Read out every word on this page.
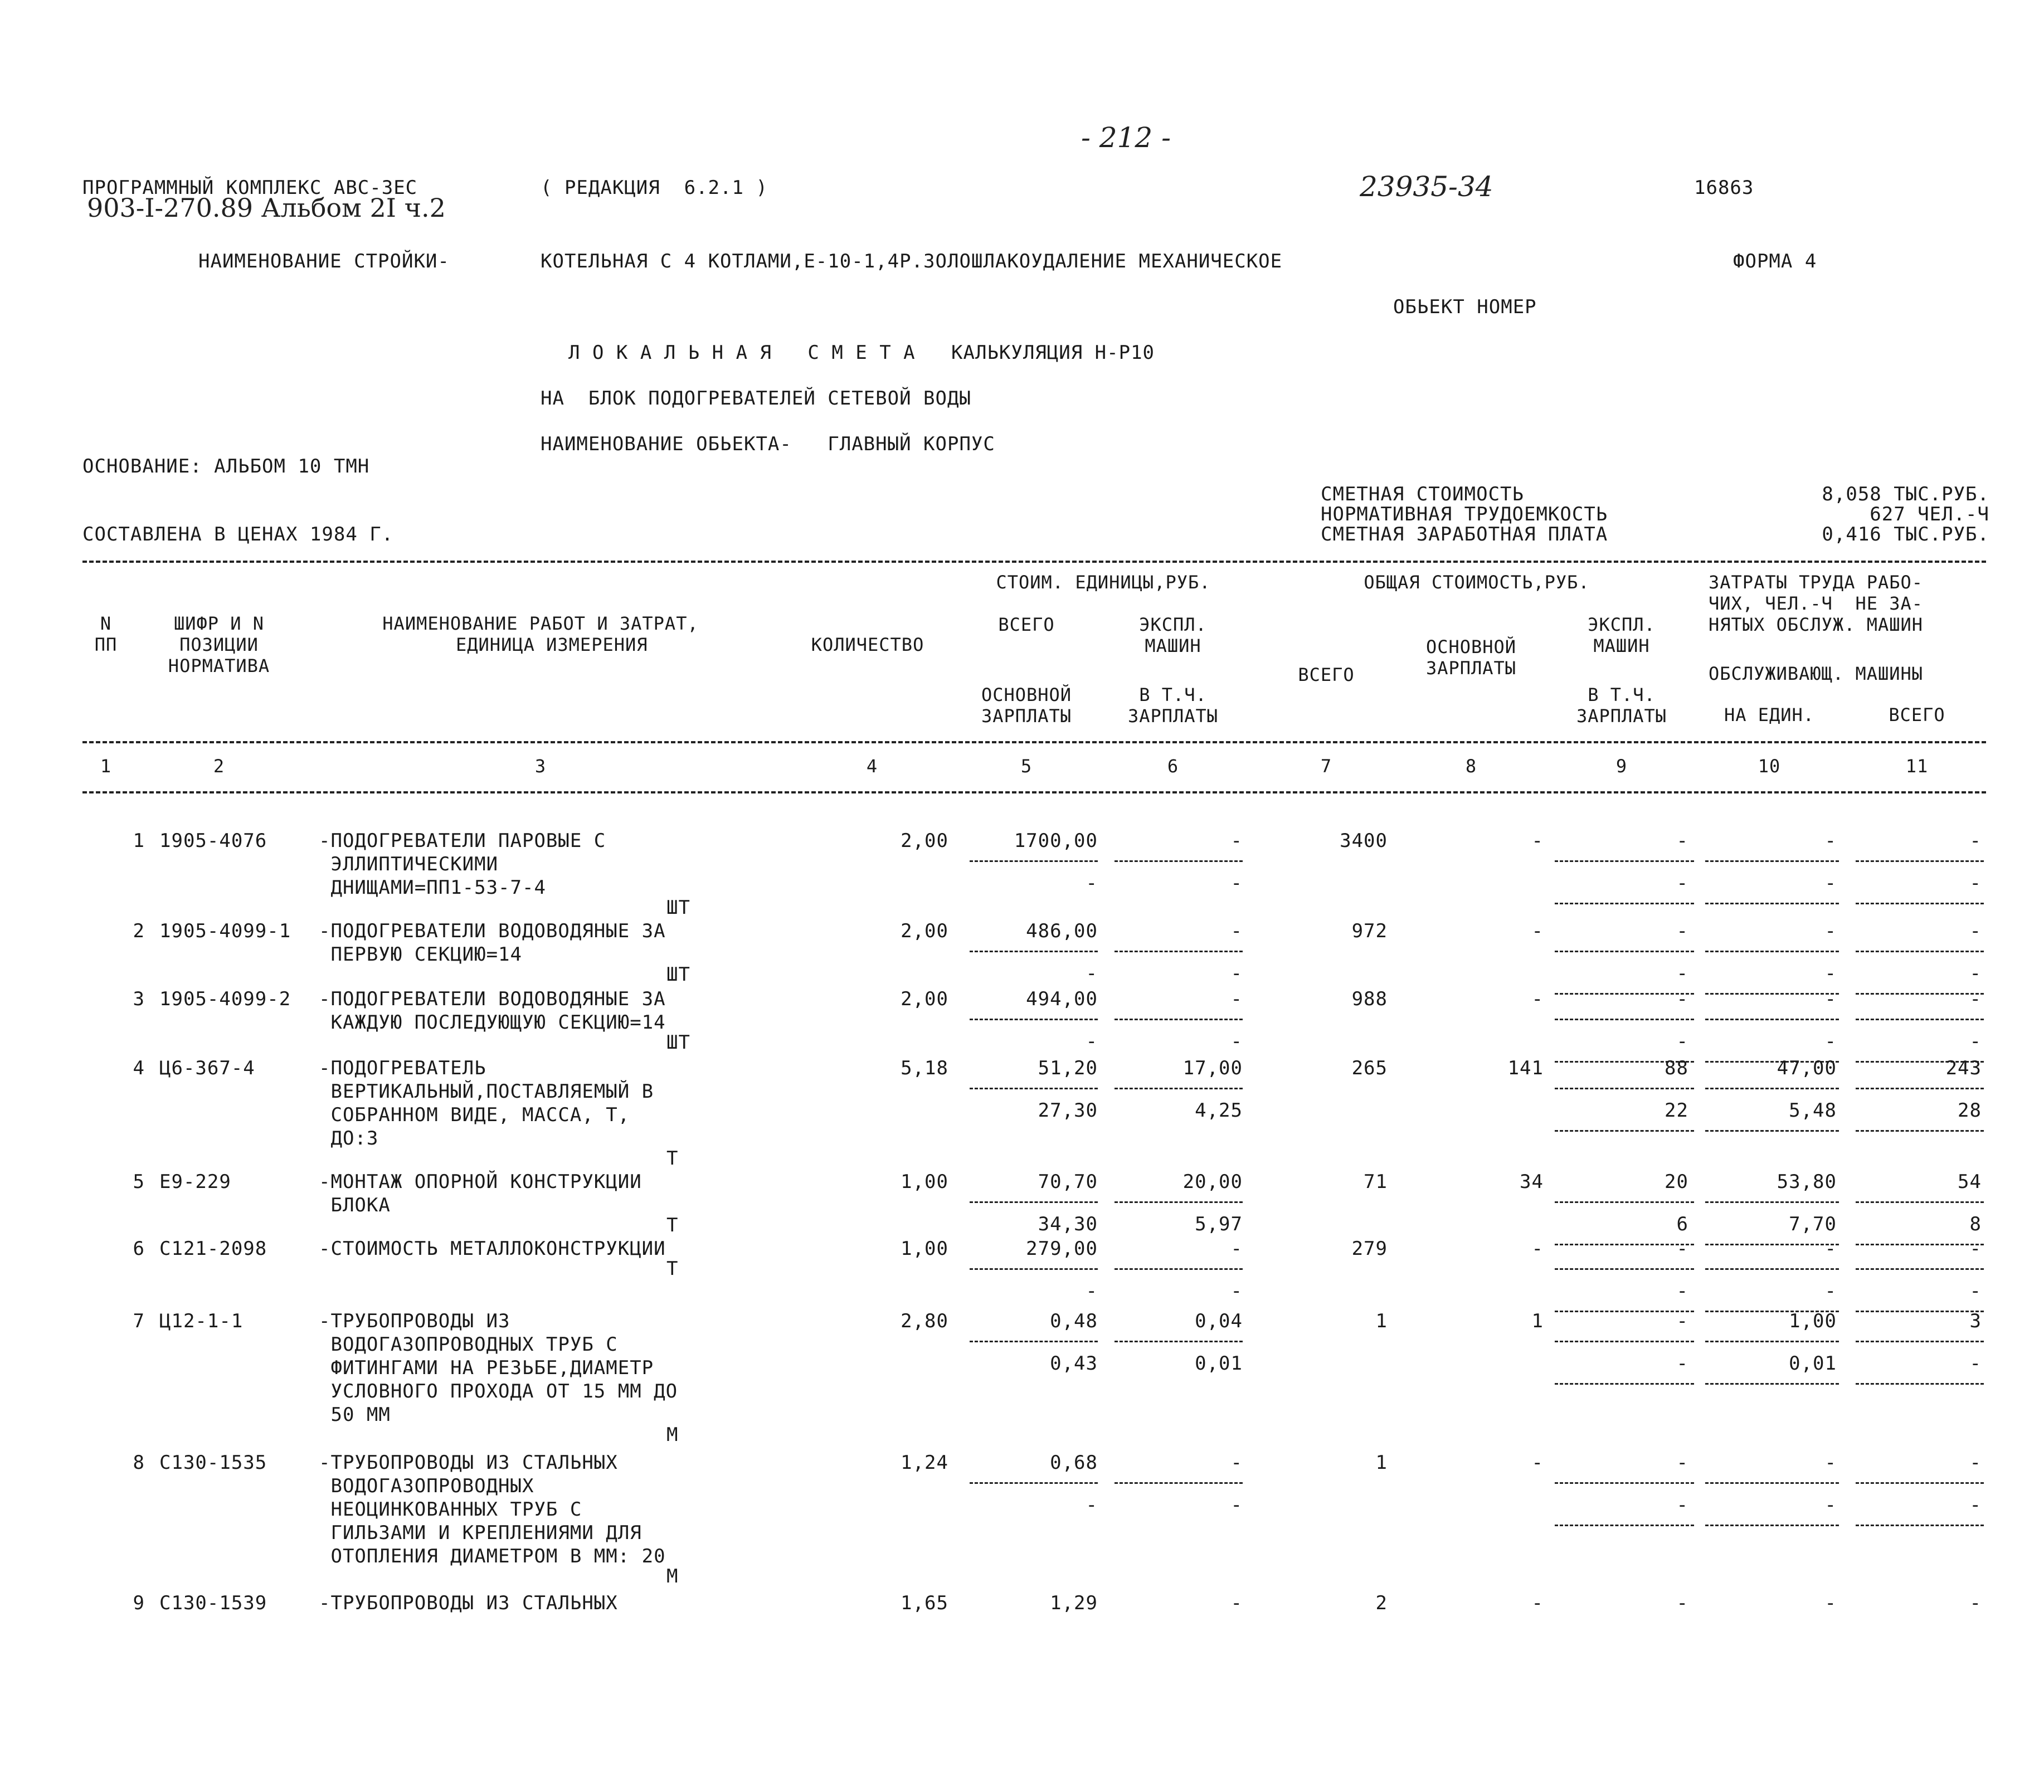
- 212 -
ПРОГРАММНЫЙ КОМПЛЕКС АВС-ЗЕС	( РЕДАКЦИЯ  6.2.1 )	23935-34	16863
903-I-270.89 Альбом 2I ч.2
НАИМЕНОВАНИЕ СТРОЙКИ-	КОТЕЛЬНАЯ С 4 КОТЛАМИ,Е-10-1,4Р.ЗОЛОШЛАКОУДАЛЕНИЕ МЕХАНИЧЕСКОЕ	ФОРМА 4
ОБЬЕКТ НОМЕР
Л О К А Л Ь Н А Я   С М Е Т А   КАЛЬКУЛЯЦИЯ Н-Р10
НА  БЛОК ПОДОГРЕВАТЕЛЕЙ СЕТЕВОЙ ВОДЫ
НАИМЕНОВАНИЕ ОБЬЕКТА-   ГЛАВНЫЙ КОРПУС
ОСНОВАНИЕ: АЛЬБОМ 10 ТМН
СМЕТНАЯ СТОИМОСТЬ	8,058 ТЫС.РУБ.
НОРМАТИВНАЯ ТРУДОЕМКОСТЬ	627 ЧЕЛ.-Ч
СОСТАВЛЕНА В ЦЕНАХ 1984 Г.	СМЕТНАЯ ЗАРАБОТНАЯ ПЛАТА	0,416 ТЫС.РУБ.
N
ПП
ШИФР И N
ПОЗИЦИИ
НОРМАТИВА
НАИМЕНОВАНИЕ РАБОТ И ЗАТРАТ,
ЕДИНИЦА ИЗМЕРЕНИЯ	КОЛИЧЕСТВО
СТОИМ. ЕДИНИЦЫ,РУБ.
ВСЕГО	ЭКСПЛ.
МАШИН
ОСНОВНОЙ
ЗАРПЛАТЫ
В Т.Ч.
ЗАРПЛАТЫ
ОБЩАЯ СТОИМОСТЬ,РУБ.
ВСЕГО
ОСНОВНОЙ
ЗАРПЛАТЫ
ЭКСПЛ.
МАШИН
В Т.Ч.
ЗАРПЛАТЫ
ЗАТРАТЫ ТРУДА РАБО-
ЧИХ, ЧЕЛ.-Ч  НЕ ЗА-
НЯТЫХ ОБСЛУЖ. МАШИН
ОБСЛУЖИВАЮЩ. МАШИНЫ
НА ЕДИН.	ВСЕГО
1	2	3	4	5	6	7	8	9	10	11
1 1905-4076	-ПОДОГРЕВАТЕЛИ ПАРОВЫЕ С
ЭЛЛИПТИЧЕСКИМИ
ДНИЩАМИ=ПП1-53-7-4
ШТ
2,00	1700,00	-	3400	-	-	-	-
-	-	-	-	-
2 1905-4099-1 -ПОДОГРЕВАТЕЛИ ВОДОВОДЯНЫЕ ЗА
ПЕРВУЮ СЕКЦИЮ=14
ШТ
2,00	486,00	-	972	-	-	-	-
-	-	-	-	-
3 1905-4099-2 -ПОДОГРЕВАТЕЛИ ВОДОВОДЯНЫЕ ЗА
КАЖДУЮ ПОСЛЕДУЮЩУЮ СЕКЦИЮ=14
ШТ
2,00	494,00	-	988	-	-	-	-
-	-	-	-	-
4 Ц6-367-4	-ПОДОГРЕВАТЕЛЬ
ВЕРТИКАЛЬНЫЙ,ПОСТАВЛЯЕМЫЙ В
СОБРАННОМ ВИДЕ, МАССА, Т,
ДО:3
Т
5,18	51,20	17,00	265	141	88	47,00	243
27,30	4,25	22	5,48	28
5 Е9-229	-МОНТАЖ ОПОРНОЙ КОНСТРУКЦИИ
БЛОКА
Т
1,00	70,70	20,00	71	34	20	53,80	54
34,30	5,97	6	7,70	8
6 С121-2098	-СТОИМОСТЬ МЕТАЛЛОКОНСТРУКЦИИ
Т
1,00	279,00	-	279	-	-	-	-
-	-	-	-	-
7 Ц12-1-1	-ТРУБОПРОВОДЫ ИЗ
ВОДОГАЗОПРОВОДНЫХ ТРУБ С
ФИТИНГАМИ НА РЕЗЬБЕ,ДИАМЕТР
УСЛОВНОГО ПРОХОДА ОТ 15 ММ ДО
50 ММ
М
2,80	0,48	0,04	1	1	-	1,00	3
0,43	0,01	-	0,01	-
8 С130-1535	-ТРУБОПРОВОДЫ ИЗ СТАЛЬНЫХ
ВОДОГАЗОПРОВОДНЫХ
НЕОЦИНКОВАННЫХ ТРУБ С
ГИЛЬЗАМИ И КРЕПЛЕНИЯМИ ДЛЯ
ОТОПЛЕНИЯ ДИАМЕТРОМ В ММ: 20
М
1,24	0,68	-	1	-	-	-	-
-	-	-	-	-
9 С130-1539	-ТРУБОПРОВОДЫ ИЗ СТАЛЬНЫХ	1,65	1,29	-	2	-	-	-	-
